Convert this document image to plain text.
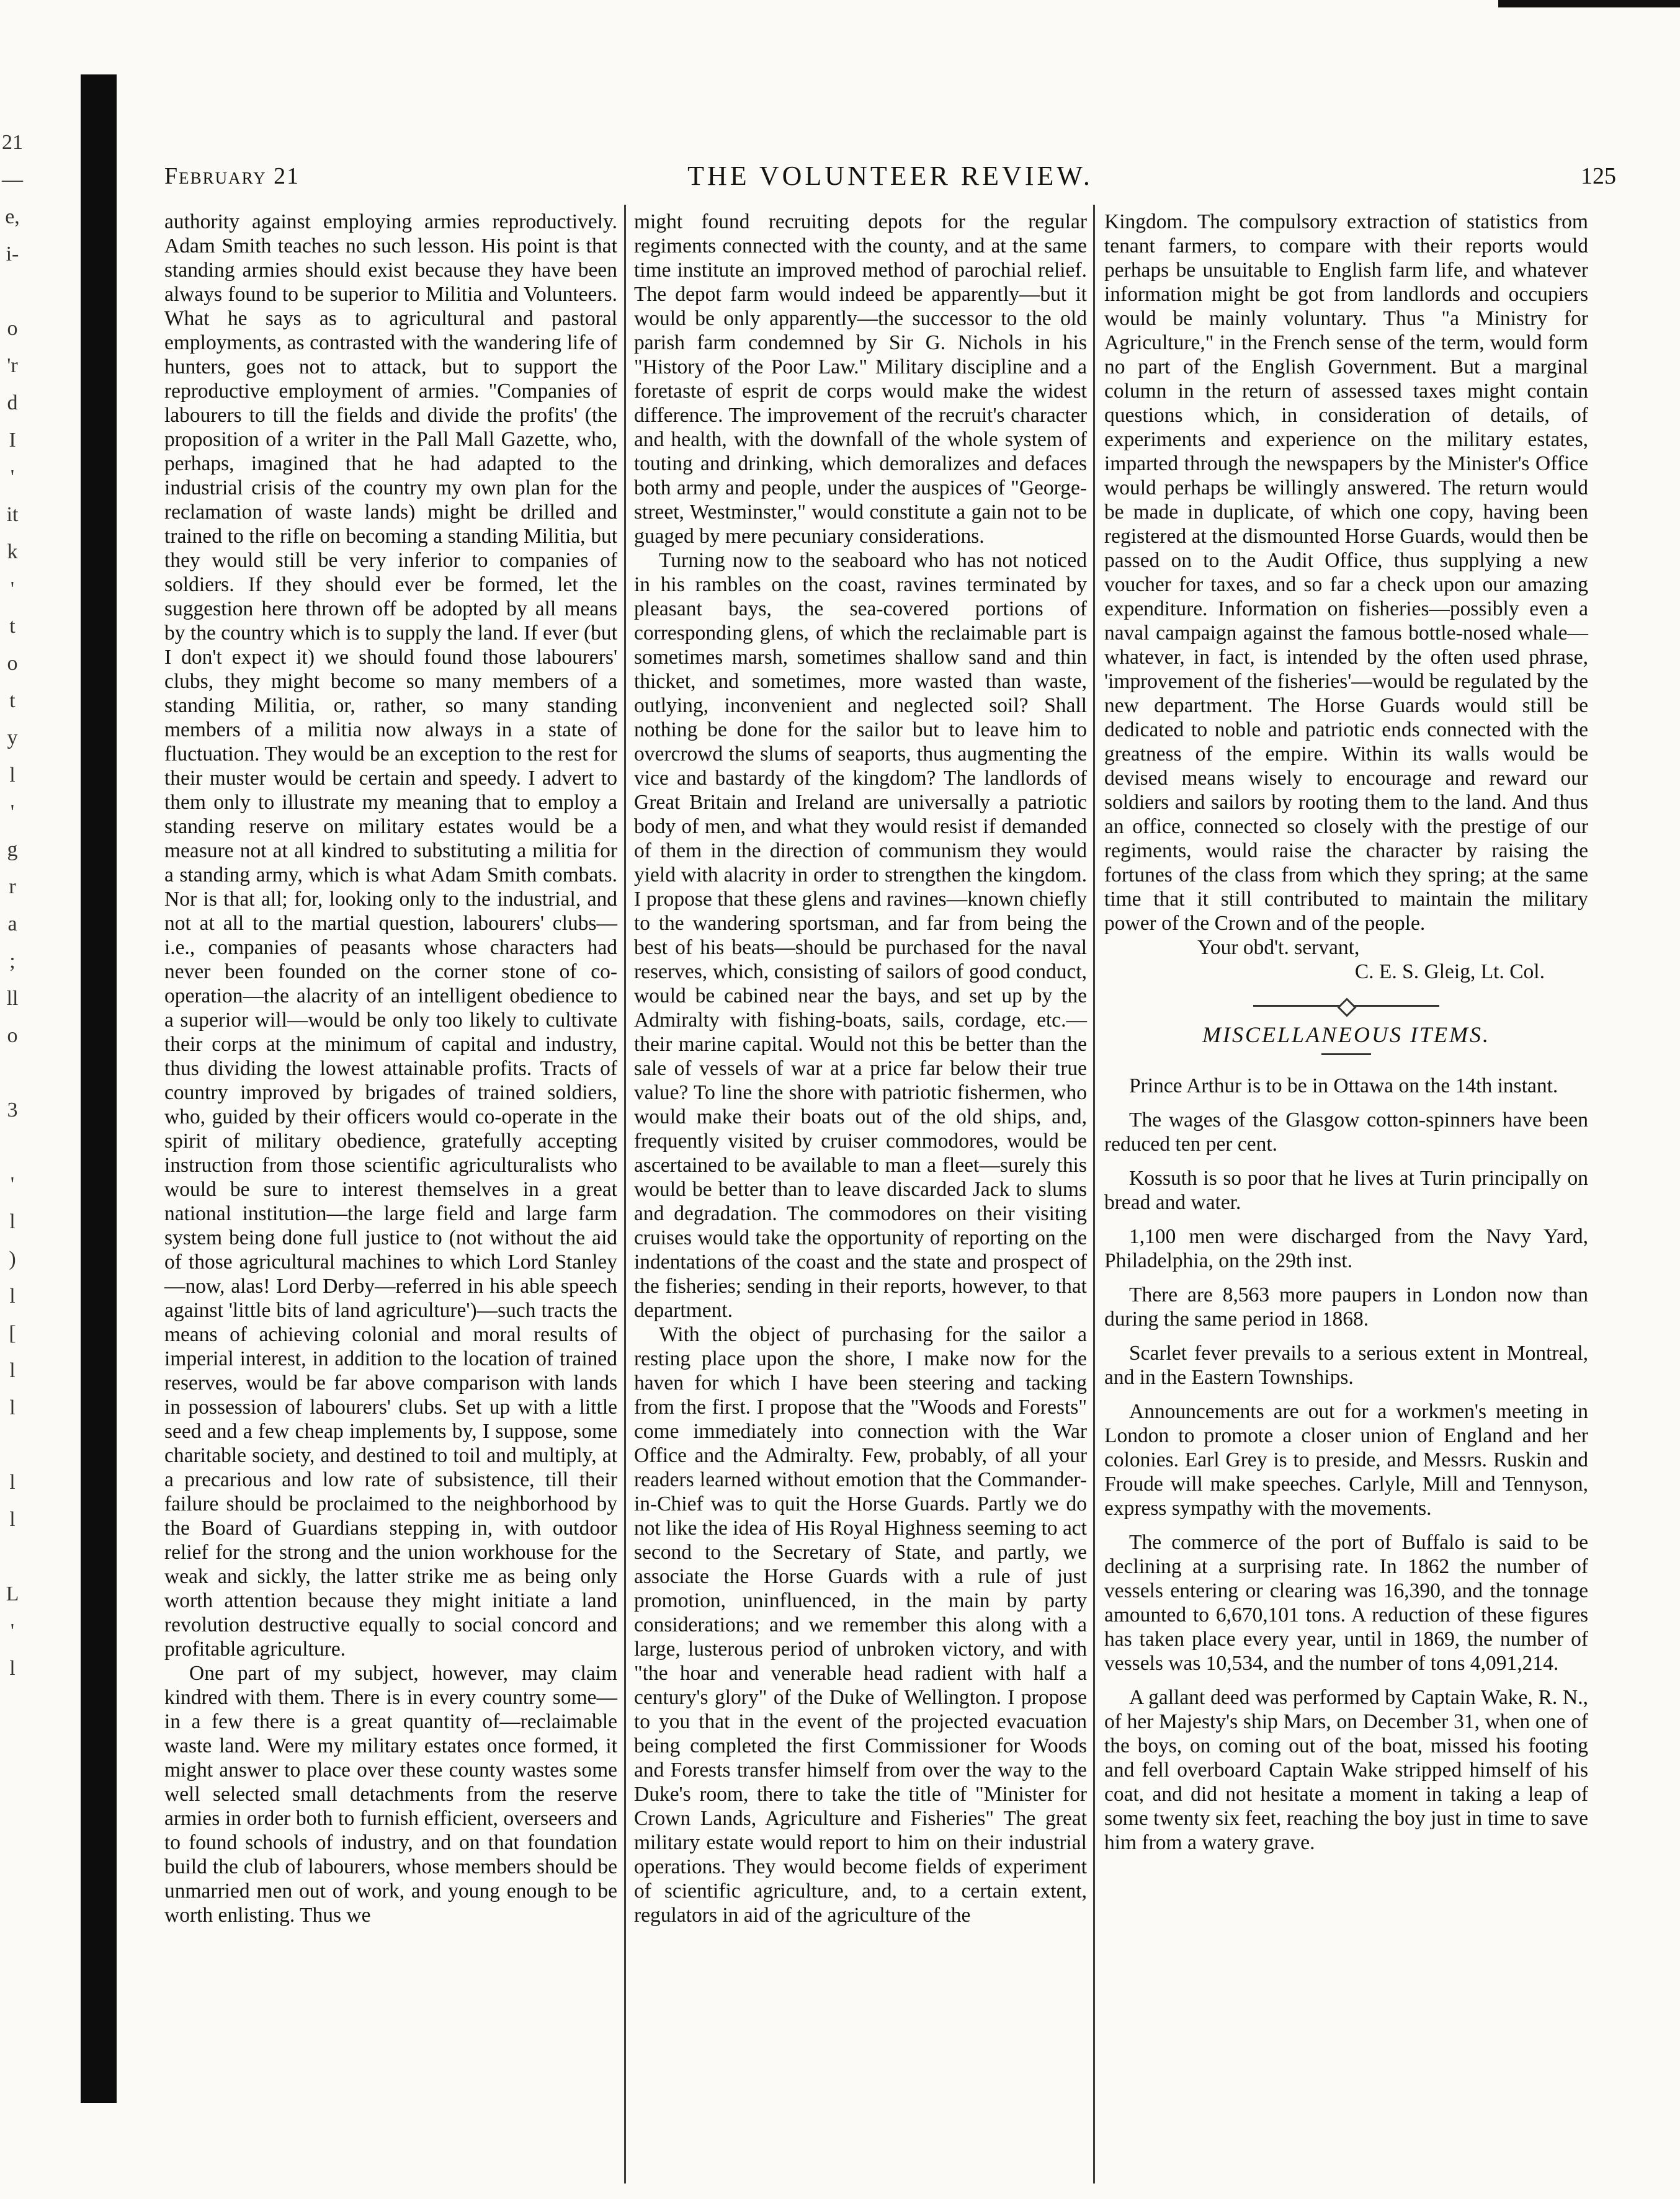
21
—
e,
i-
o
'r
d
I
'
it
k
'
t
o
t
y
l
'
g
r
a
;
ll
o
3
'
l
)
l
[
l
l
l
l
L
'
l
February 21	THE VOLUNTEER REVIEW.	125

authority against employing armies reproductively. Adam Smith teaches no such lesson. His point is that standing armies should exist because they have been always found to be superior to Militia and Volunteers. What he says as to agricultural and pastoral employments, as contrasted with the wandering life of hunters, goes not to attack, but to support the reproductive employment of armies. "Companies of labourers to till the fields and divide the profits' (the proposition of a writer in the Pall Mall Gazette, who, perhaps, imagined that he had adapted to the industrial crisis of the country my own plan for the reclamation of waste lands) might be drilled and trained to the rifle on becoming a standing Militia, but they would still be very inferior to companies of soldiers. If they should ever be formed, let the suggestion here thrown off be adopted by all means by the country which is to supply the land. If ever (but I don't expect it) we should found those labourers' clubs, they might become so many members of a standing Militia, or, rather, so many standing members of a militia now always in a state of fluctuation. They would be an exception to the rest for their muster would be certain and speedy. I advert to them only to illustrate my meaning that to employ a standing reserve on military estates would be a measure not at all kindred to substituting a militia for a standing army, which is what Adam Smith combats. Nor is that all; for, looking only to the industrial, and not at all to the martial question, labourers' clubs—i.e., companies of peasants whose characters had never been founded on the corner stone of co-operation—the alacrity of an intelligent obedience to a superior will—would be only too likely to cultivate their corps at the minimum of capital and industry, thus dividing the lowest attainable profits. Tracts of country improved by brigades of trained soldiers, who, guided by their officers would co-operate in the spirit of military obedience, gratefully accepting instruction from those scientific agriculturalists who would be sure to interest themselves in a great national institution—the large field and large farm system being done full justice to (not without the aid of those agricultural machines to which Lord Stanley—now, alas! Lord Derby—referred in his able speech against 'little bits of land agriculture')—such tracts the means of achieving colonial and moral results of imperial interest, in addition to the location of trained reserves, would be far above comparison with lands in possession of labourers' clubs. Set up with a little seed and a few cheap implements by, I suppose, some charitable society, and destined to toil and multiply, at a precarious and low rate of subsistence, till their failure should be proclaimed to the neighborhood by the Board of Guardians stepping in, with outdoor relief for the strong and the union workhouse for the weak and sickly, the latter strike me as being only worth attention because they might initiate a land revolution destructive equally to social concord and profitable agriculture.

One part of my subject, however, may claim kindred with them. There is in every country some—in a few there is a great quantity of—reclaimable waste land. Were my military estates once formed, it might answer to place over these county wastes some well selected small detachments from the reserve armies in order both to furnish efficient, overseers and to found schools of industry, and on that foundation build the club of labourers, whose members should be unmarried men out of work, and young enough to be worth enlisting. Thus we

might found recruiting depots for the regular regiments connected with the county, and at the same time institute an improved method of parochial relief. The depot farm would indeed be apparently—but it would be only apparently—the successor to the old parish farm condemned by Sir G. Nichols in his "History of the Poor Law." Military discipline and a foretaste of esprit de corps would make the widest difference. The improvement of the recruit's character and health, with the downfall of the whole system of touting and drinking, which demoralizes and defaces both army and people, under the auspices of "George-street, Westminster," would constitute a gain not to be guaged by mere pecuniary considerations.

Turning now to the seaboard who has not noticed in his rambles on the coast, ravines terminated by pleasant bays, the sea-covered portions of corresponding glens, of which the reclaimable part is sometimes marsh, sometimes shallow sand and thin thicket, and sometimes, more wasted than waste, outlying, inconvenient and neglected soil? Shall nothing be done for the sailor but to leave him to overcrowd the slums of seaports, thus augmenting the vice and bastardy of the kingdom? The landlords of Great Britain and Ireland are universally a patriotic body of men, and what they would resist if demanded of them in the direction of communism they would yield with alacrity in order to strengthen the kingdom. I propose that these glens and ravines—known chiefly to the wandering sportsman, and far from being the best of his beats—should be purchased for the naval reserves, which, consisting of sailors of good conduct, would be cabined near the bays, and set up by the Admiralty with fishing-boats, sails, cordage, etc.—their marine capital. Would not this be better than the sale of vessels of war at a price far below their true value? To line the shore with patriotic fishermen, who would make their boats out of the old ships, and, frequently visited by cruiser commodores, would be ascertained to be available to man a fleet—surely this would be better than to leave discarded Jack to slums and degradation. The commodores on their visiting cruises would take the opportunity of reporting on the indentations of the coast and the state and prospect of the fisheries; sending in their reports, however, to that department.

With the object of purchasing for the sailor a resting place upon the shore, I make now for the haven for which I have been steering and tacking from the first. I propose that the "Woods and Forests" come immediately into connection with the War Office and the Admiralty. Few, probably, of all your readers learned without emotion that the Commander-in-Chief was to quit the Horse Guards. Partly we do not like the idea of His Royal Highness seeming to act second to the Secretary of State, and partly, we associate the Horse Guards with a rule of just promotion, uninfluenced, in the main by party considerations; and we remember this along with a large, lusterous period of unbroken victory, and with "the hoar and venerable head radient with half a century's glory" of the Duke of Wellington. I propose to you that in the event of the projected evacuation being completed the first Commissioner for Woods and Forests transfer himself from over the way to the Duke's room, there to take the title of "Minister for Crown Lands, Agriculture and Fisheries" The great military estate would report to him on their industrial operations. They would become fields of experiment of scientific agriculture, and, to a certain extent, regulators in aid of the agriculture of the

Kingdom. The compulsory extraction of statistics from tenant farmers, to compare with their reports would perhaps be unsuitable to English farm life, and whatever information might be got from landlords and occupiers would be mainly voluntary. Thus "a Ministry for Agriculture," in the French sense of the term, would form no part of the English Government. But a marginal column in the return of assessed taxes might contain questions which, in consideration of details, of experiments and experience on the military estates, imparted through the newspapers by the Minister's Office would perhaps be willingly answered. The return would be made in duplicate, of which one copy, having been registered at the dismounted Horse Guards, would then be passed on to the Audit Office, thus supplying a new voucher for taxes, and so far a check upon our amazing expenditure. Information on fisheries—possibly even a naval campaign against the famous bottle-nosed whale—whatever, in fact, is intended by the often used phrase, 'improvement of the fisheries'—would be regulated by the new department. The Horse Guards would still be dedicated to noble and patriotic ends connected with the greatness of the empire. Within its walls would be devised means wisely to encourage and reward our soldiers and sailors by rooting them to the land. And thus an office, connected so closely with the prestige of our regiments, would raise the character by raising the fortunes of the class from which they spring; at the same time that it still contributed to maintain the military power of the Crown and of the people.

Your obd't. servant,
C. E. S. Gleig, Lt. Col.

MISCELLANEOUS ITEMS.

Prince Arthur is to be in Ottawa on the 14th instant.

The wages of the Glasgow cotton-spinners have been reduced ten per cent.

Kossuth is so poor that he lives at Turin principally on bread and water.

1,100 men were discharged from the Navy Yard, Philadelphia, on the 29th inst.

There are 8,563 more paupers in London now than during the same period in 1868.

Scarlet fever prevails to a serious extent in Montreal, and in the Eastern Townships.

Announcements are out for a workmen's meeting in London to promote a closer union of England and her colonies. Earl Grey is to preside, and Messrs. Ruskin and Froude will make speeches. Carlyle, Mill and Tennyson, express sympathy with the movements.

The commerce of the port of Buffalo is said to be declining at a surprising rate. In 1862 the number of vessels entering or clearing was 16,390, and the tonnage amounted to 6,670,101 tons. A reduction of these figures has taken place every year, until in 1869, the number of vessels was 10,534, and the number of tons 4,091,214.

A gallant deed was performed by Captain Wake, R. N., of her Majesty's ship Mars, on December 31, when one of the boys, on coming out of the boat, missed his footing and fell overboard Captain Wake stripped himself of his coat, and did not hesitate a moment in taking a leap of some twenty six feet, reaching the boy just in time to save him from a watery grave.
